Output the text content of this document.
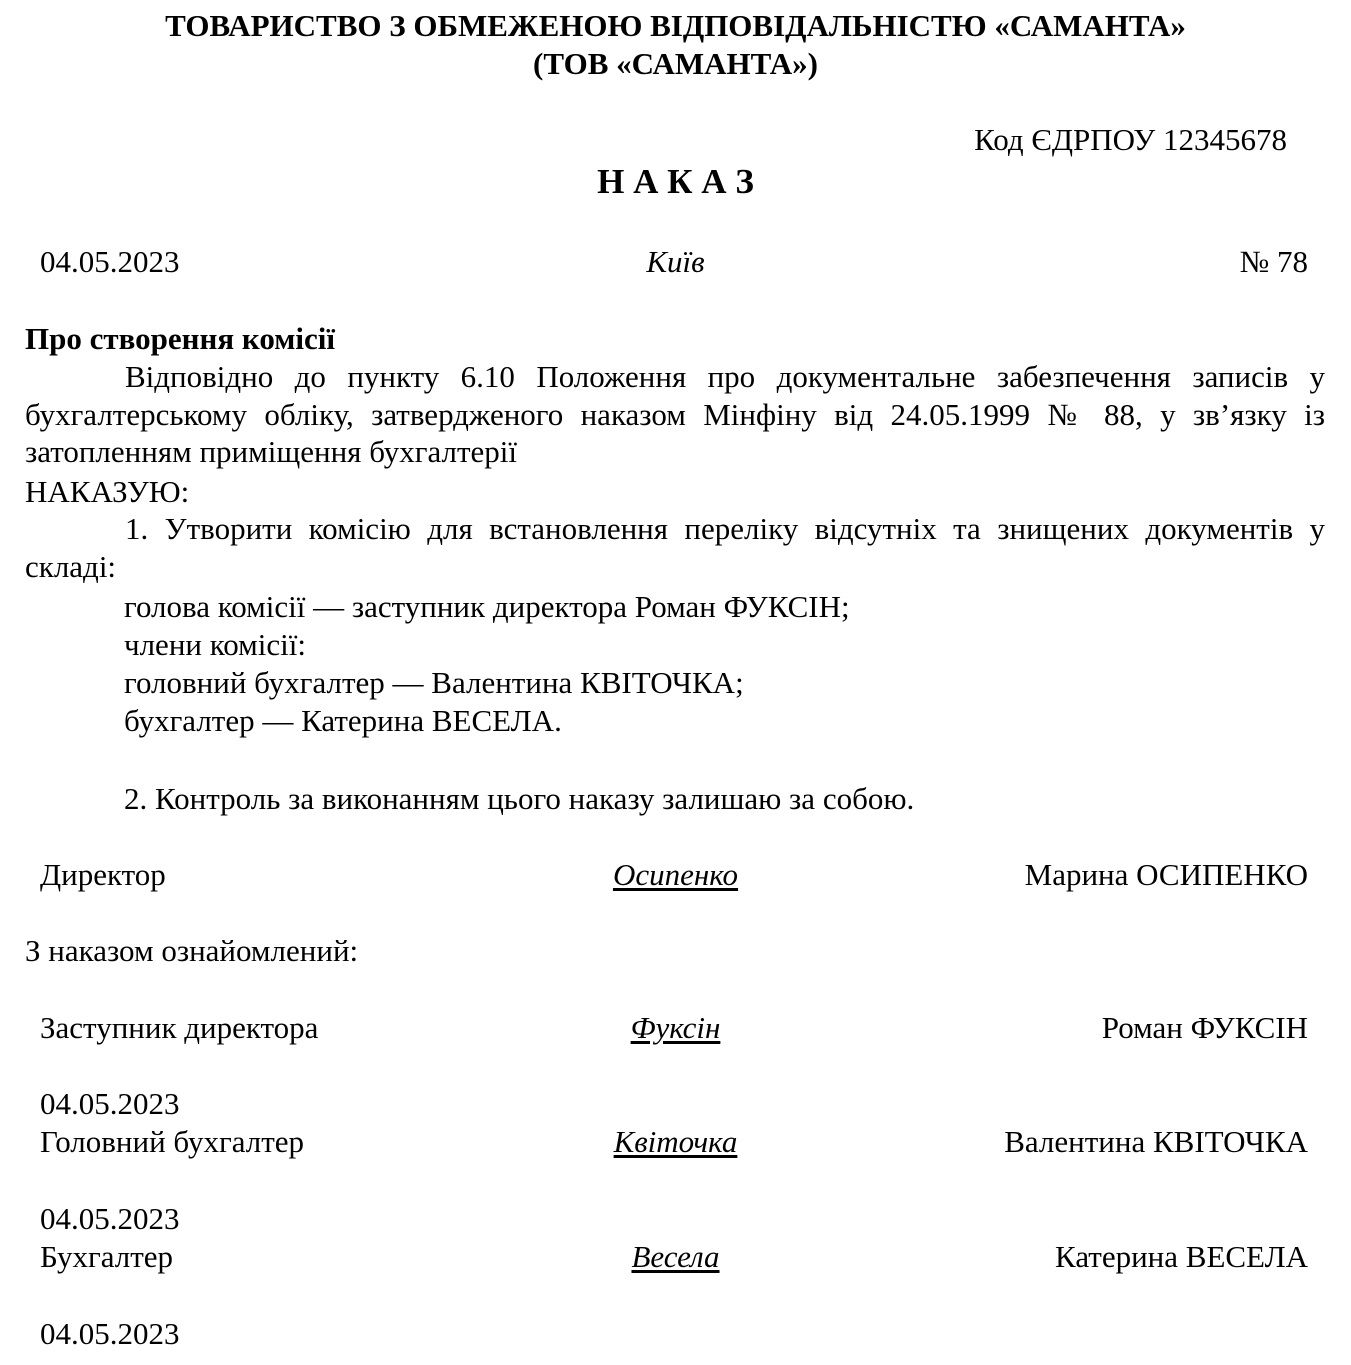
ТОВАРИСТВО З ОБМЕЖЕНОЮ ВІДПОВІДАЛЬНІСТЮ «САМАНТА»
(ТОВ «САМАНТА»)
Код ЄДРПОУ 12345678
Н А К А З
04.05.2023	Київ	№ 78
Про створення комісії
Відповідно до пункту 6.10 Положення про документальне забезпечення записів у бухгалтерському обліку, затвердженого наказом Мінфіну від 24.05.1999 № 88, у зв’язку із затопленням приміщення бухгалтерії
НАКАЗУЮ:
1. Утворити комісію для встановлення переліку відсутніх та знищених документів у складі:
голова комісії — заступник директора Роман ФУКСІН;
члени комісії:
головний бухгалтер — Валентина КВІТОЧКА;
бухгалтер — Катерина ВЕСЕЛА.
2. Контроль за виконанням цього наказу залишаю за собою.
Директор	Осипенко	Марина ОСИПЕНКО
З наказом ознайомлений:
Заступник директора	Фуксін	Роман ФУКСІН
04.05.2023
Головний бухгалтер	Квіточка	Валентина КВІТОЧКА
04.05.2023
Бухгалтер	Весела	Катерина ВЕСЕЛА
04.05.2023
